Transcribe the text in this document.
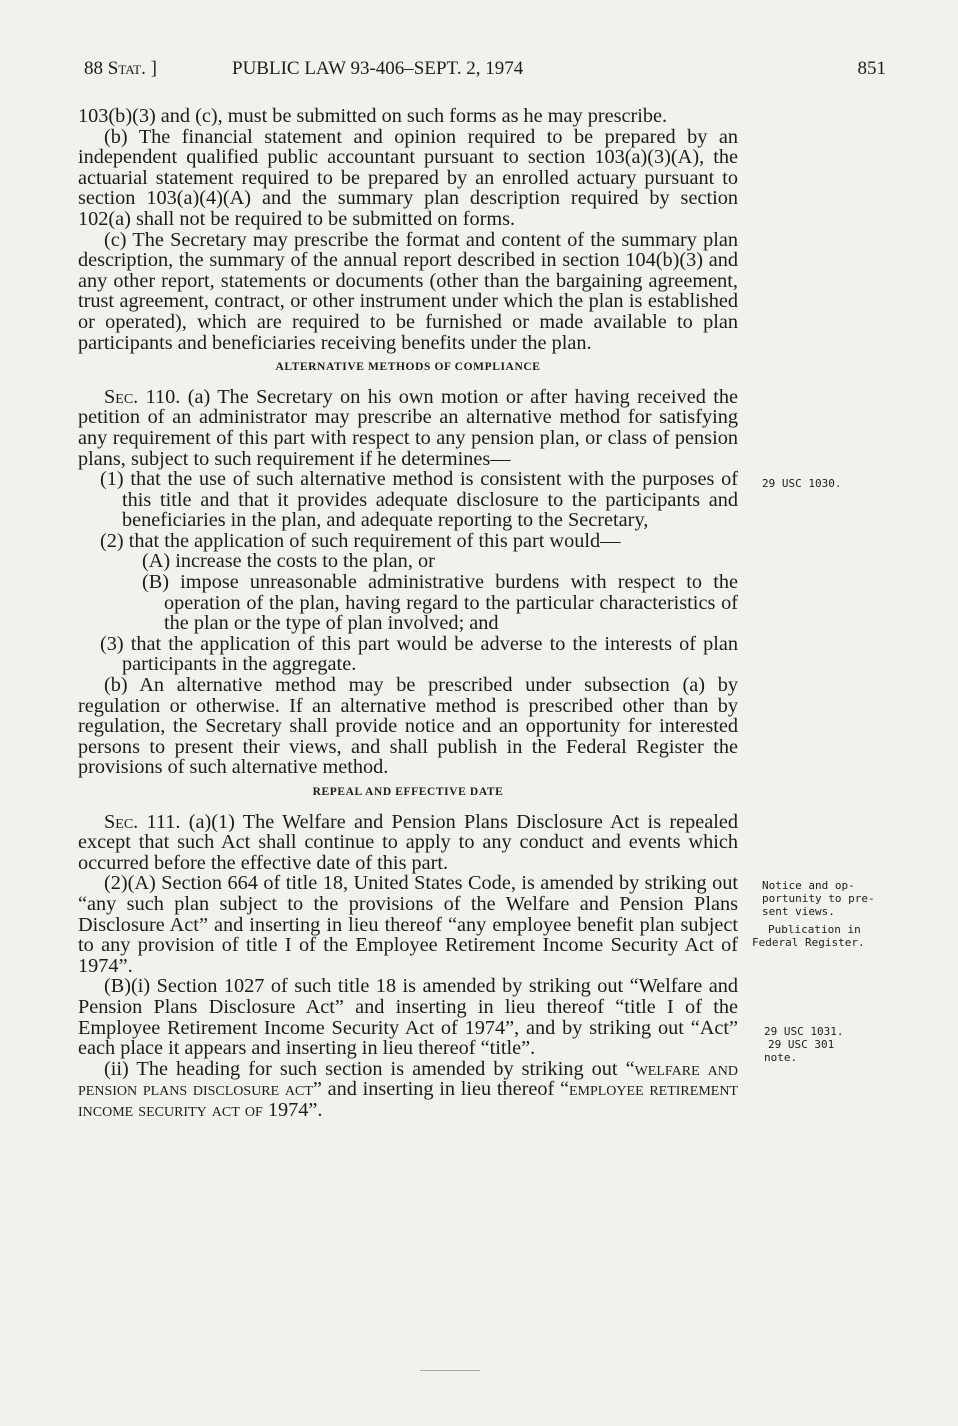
88 Stat. ]	PUBLIC LAW 93-406–SEPT. 2, 1974	851

103(b)(3) and (c), must be submitted on such forms as he may prescribe.

(b) The financial statement and opinion required to be prepared by an independent qualified public accountant pursuant to section 103(a)(3)(A), the actuarial statement required to be prepared by an enrolled actuary pursuant to section 103(a)(4)(A) and the summary plan description required by section 102(a) shall not be required to be submitted on forms.

(c) The Secretary may prescribe the format and content of the summary plan description, the summary of the annual report described in section 104(b)(3) and any other report, statements or documents (other than the bargaining agreement, trust agreement, contract, or other instrument under which the plan is established or operated), which are required to be furnished or made available to plan participants and beneficiaries receiving benefits under the plan.

ALTERNATIVE METHODS OF COMPLIANCE

Sec. 110. (a) The Secretary on his own motion or after having received the petition of an administrator may prescribe an alternative method for satisfying any requirement of this part with respect to any pension plan, or class of pension plans, subject to such requirement if he determines—

(1) that the use of such alternative method is consistent with the purposes of this title and that it provides adequate disclosure to the participants and beneficiaries in the plan, and adequate reporting to the Secretary,

(2) that the application of such requirement of this part would—

(A) increase the costs to the plan, or

(B) impose unreasonable administrative burdens with respect to the operation of the plan, having regard to the particular characteristics of the plan or the type of plan involved; and

(3) that the application of this part would be adverse to the interests of plan participants in the aggregate.

(b) An alternative method may be prescribed under subsection (a) by regulation or otherwise. If an alternative method is prescribed other than by regulation, the Secretary shall provide notice and an opportunity for interested persons to present their views, and shall publish in the Federal Register the provisions of such alternative method.

REPEAL AND EFFECTIVE DATE

Sec. 111. (a)(1) The Welfare and Pension Plans Disclosure Act is repealed except that such Act shall continue to apply to any conduct and events which occurred before the effective date of this part.

(2)(A) Section 664 of title 18, United States Code, is amended by striking out “any such plan subject to the provisions of the Welfare and Pension Plans Disclosure Act” and inserting in lieu thereof “any employee benefit plan subject to any provision of title I of the Employee Retirement Income Security Act of 1974”.

(B)(i) Section 1027 of such title 18 is amended by striking out “Welfare and Pension Plans Disclosure Act” and inserting in lieu thereof “title I of the Employee Retirement Income Security Act of 1974”, and by striking out “Act” each place it appears and inserting in lieu thereof “title”.

(ii) The heading for such section is amended by striking out “welfare and pension plans disclosure act” and inserting in lieu thereof “employee retirement income security act of 1974”.

29 USC 1030.
Notice and op-
portunity to pre-
sent views.
Publication in
Federal Register.
29 USC 1031.
29 USC 301
note.
